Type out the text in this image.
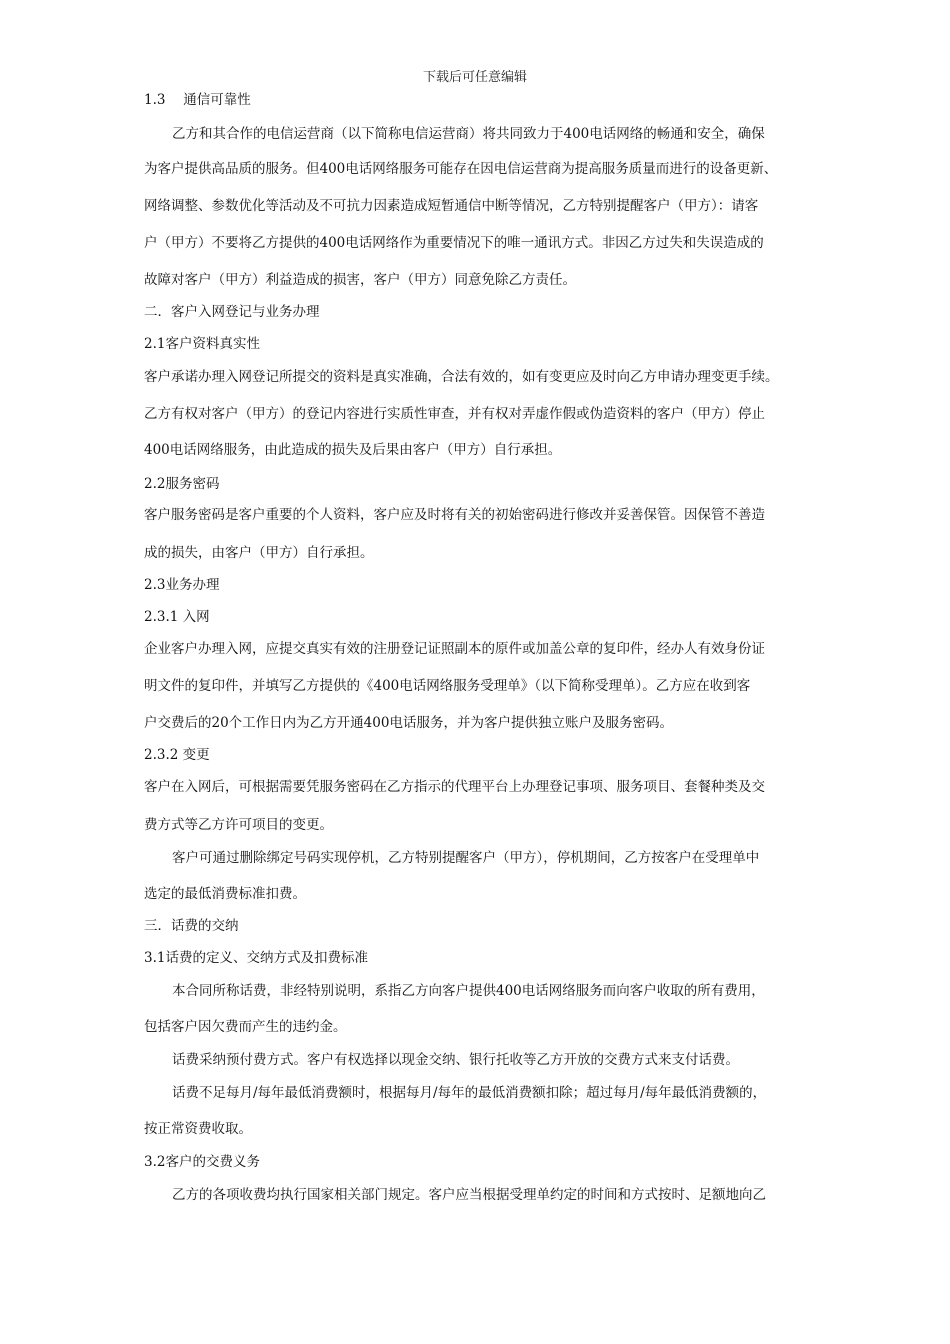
下载后可任意编辑
1.3　 通信可靠性
乙方和其合作的电信运营商（以下简称电信运营商）将共同致力于400电话网络的畅通和安全，确保
为客户提供高品质的服务。但400电话网络服务可能存在因电信运营商为提高服务质量而进行的设备更新、
网络调整、参数优化等活动及不可抗力因素造成短暂通信中断等情况，乙方特别提醒客户（甲方）：请客
户（甲方）不要将乙方提供的400电话网络作为重要情况下的唯一通讯方式。非因乙方过失和失误造成的
故障对客户（甲方）利益造成的损害，客户（甲方）同意免除乙方责任。
二．客户入网登记与业务办理
2.1客户资料真实性
客户承诺办理入网登记所提交的资料是真实准确，合法有效的，如有变更应及时向乙方申请办理变更手续。
乙方有权对客户（甲方）的登记内容进行实质性审查，并有权对弄虚作假或伪造资料的客户（甲方）停止
400电话网络服务，由此造成的损失及后果由客户（甲方）自行承担。
2.2服务密码
客户服务密码是客户重要的个人资料，客户应及时将有关的初始密码进行修改并妥善保管。因保管不善造
成的损失，由客户（甲方）自行承担。
2.3业务办理
2.3.1 入网
企业客户办理入网，应提交真实有效的注册登记证照副本的原件或加盖公章的复印件，经办人有效身份证
明文件的复印件，并填写乙方提供的《400电话网络服务受理单》（以下简称受理单）。乙方应在收到客
户交费后的20个工作日内为乙方开通400电话服务，并为客户提供独立账户及服务密码。
2.3.2 变更
客户在入网后，可根据需要凭服务密码在乙方指示的代理平台上办理登记事项、服务项目、套餐种类及交
费方式等乙方许可项目的变更。
客户可通过删除绑定号码实现停机，乙方特别提醒客户（甲方），停机期间，乙方按客户在受理单中
选定的最低消费标准扣费。
三．话费的交纳
3.1话费的定义、交纳方式及扣费标准
本合同所称话费，非经特别说明，系指乙方向客户提供400电话网络服务而向客户收取的所有费用，
包括客户因欠费而产生的违约金。
话费采纳预付费方式。客户有权选择以现金交纳、银行托收等乙方开放的交费方式来支付话费。
话费不足每月/每年最低消费额时，根据每月/每年的最低消费额扣除；超过每月/每年最低消费额的，
按正常资费收取。
3.2客户的交费义务
乙方的各项收费均执行国家相关部门规定。客户应当根据受理单约定的时间和方式按时、足额地向乙
